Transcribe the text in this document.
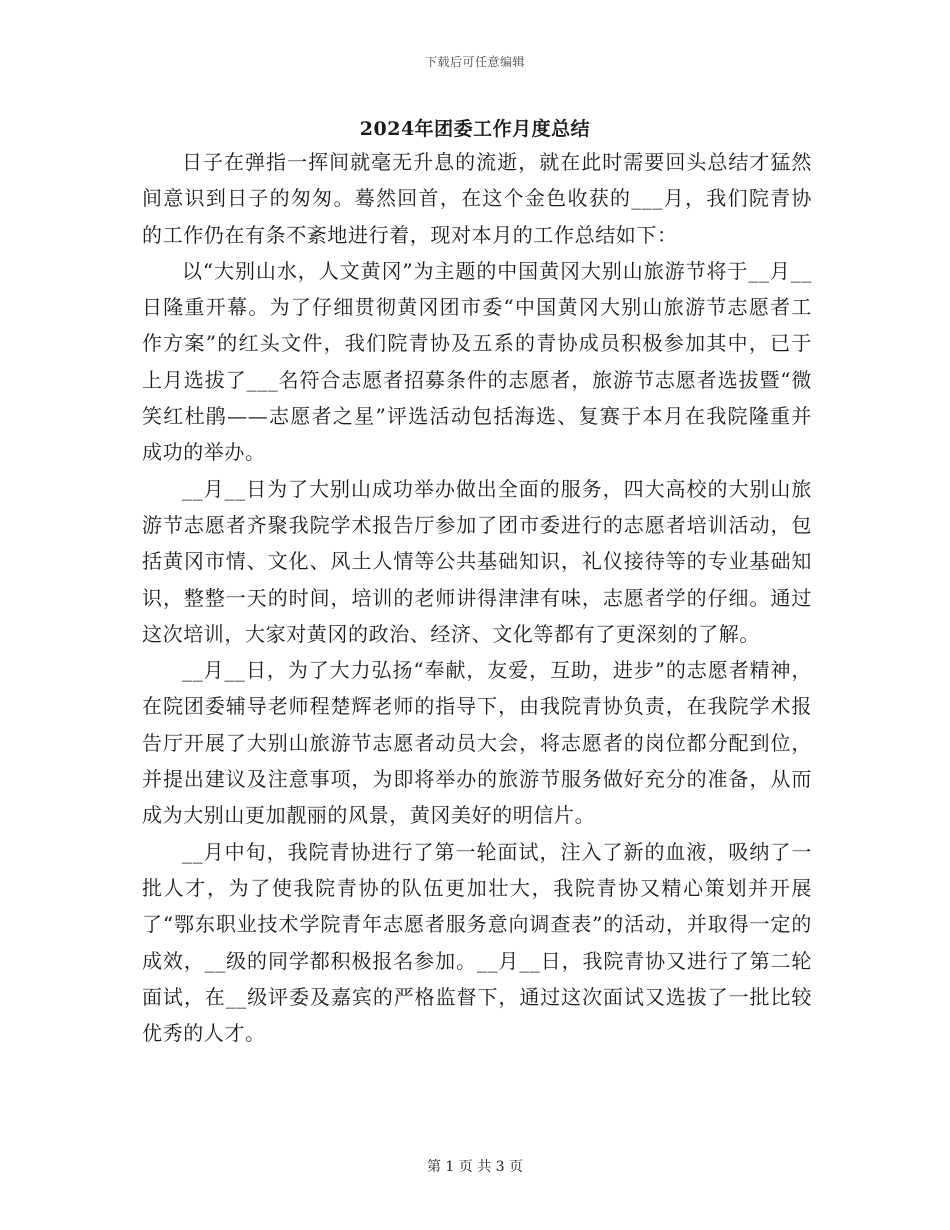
下载后可任意编辑
2024年团委工作月度总结

日子在弹指一挥间就毫无升息的流逝，就在此时需要回头总结才猛然间意识到日子的匆匆。蓦然回首，在这个金色收获的___月，我们院青协的工作仍在有条不紊地进行着，现对本月的工作总结如下：

以“大别山水，人文黄冈”为主题的中国黄冈大别山旅游节将于__月__日隆重开幕。为了仔细贯彻黄冈团市委“中国黄冈大别山旅游节志愿者工作方案”的红头文件，我们院青协及五系的青协成员积极参加其中，已于上月选拔了___名符合志愿者招募条件的志愿者，旅游节志愿者选拔暨“微笑红杜鹃——志愿者之星”评选活动包括海选、复赛于本月在我院隆重并成功的举办。

__月__日为了大别山成功举办做出全面的服务，四大高校的大别山旅游节志愿者齐聚我院学术报告厅参加了团市委进行的志愿者培训活动，包括黄冈市情、文化、风土人情等公共基础知识，礼仪接待等的专业基础知识，整整一天的时间，培训的老师讲得津津有味，志愿者学的仔细。通过这次培训，大家对黄冈的政治、经济、文化等都有了更深刻的了解。

__月__日，为了大力弘扬“奉献，友爱，互助，进步”的志愿者精神，在院团委辅导老师程楚辉老师的指导下，由我院青协负责，在我院学术报告厅开展了大别山旅游节志愿者动员大会，将志愿者的岗位都分配到位，并提出建议及注意事项，为即将举办的旅游节服务做好充分的准备，从而成为大别山更加靓丽的风景，黄冈美好的明信片。

__月中旬，我院青协进行了第一轮面试，注入了新的血液，吸纳了一批人才，为了使我院青协的队伍更加壮大，我院青协又精心策划并开展了“鄂东职业技术学院青年志愿者服务意向调查表”的活动，并取得一定的成效，__级的同学都积极报名参加。__月__日，我院青协又进行了第二轮面试，在__级评委及嘉宾的严格监督下，通过这次面试又选拔了一批比较优秀的人才。

第 1 页 共 3 页
